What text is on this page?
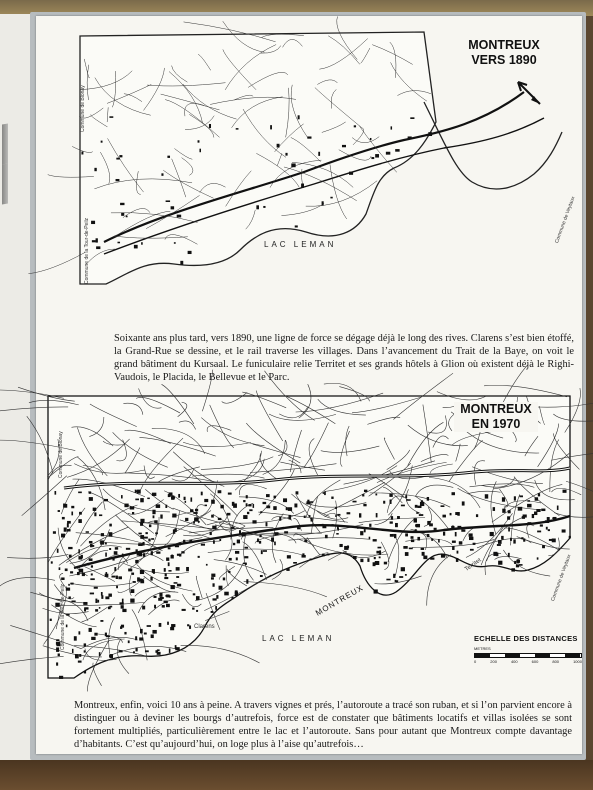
Commune de Blonay
Commune de la Tour-de-Peilz	Commune de Veytaux
MONTREUX
VERS 1890
LAC LEMAN

Soixante ans plus tard, vers 1890, une ligne de force se dégage déjà le long des rives. Clarens s’est bien étoffé, la Grand-Rue se dessine, et le rail traverse les villages. Dans l’avancement du Trait de la Baye, on voit le grand bâtiment du Kursaal. Le funiculaire relie Territet et ses grands hôtels à Glion où existent déjà le Righi-Vaudois, le Placida, le Bellevue et le Parc.

Commune de Blonay
Commune de la Tour-de-Peilz
Commune de Veytaux
Clarens
Territet
MONTREUX
MONTREUX
EN 1970
LAC LEMAN	ECHELLE DES DISTANCES
METRES
0	200	400	600	800	1000

Montreux, enfin, voici 10 ans à peine. A travers vignes et prés, l’autoroute a tracé son ruban, et si l’on parvient encore à distinguer ou à deviner les bourgs d’autrefois, force est de constater que bâtiments locatifs et villas isolées se sont fortement multipliés, particulièrement entre le lac et l’autoroute. Sans pour autant que Montreux compte davantage d’habitants. C’est qu’aujourd’hui, on loge plus à l’aise qu’autrefois…
